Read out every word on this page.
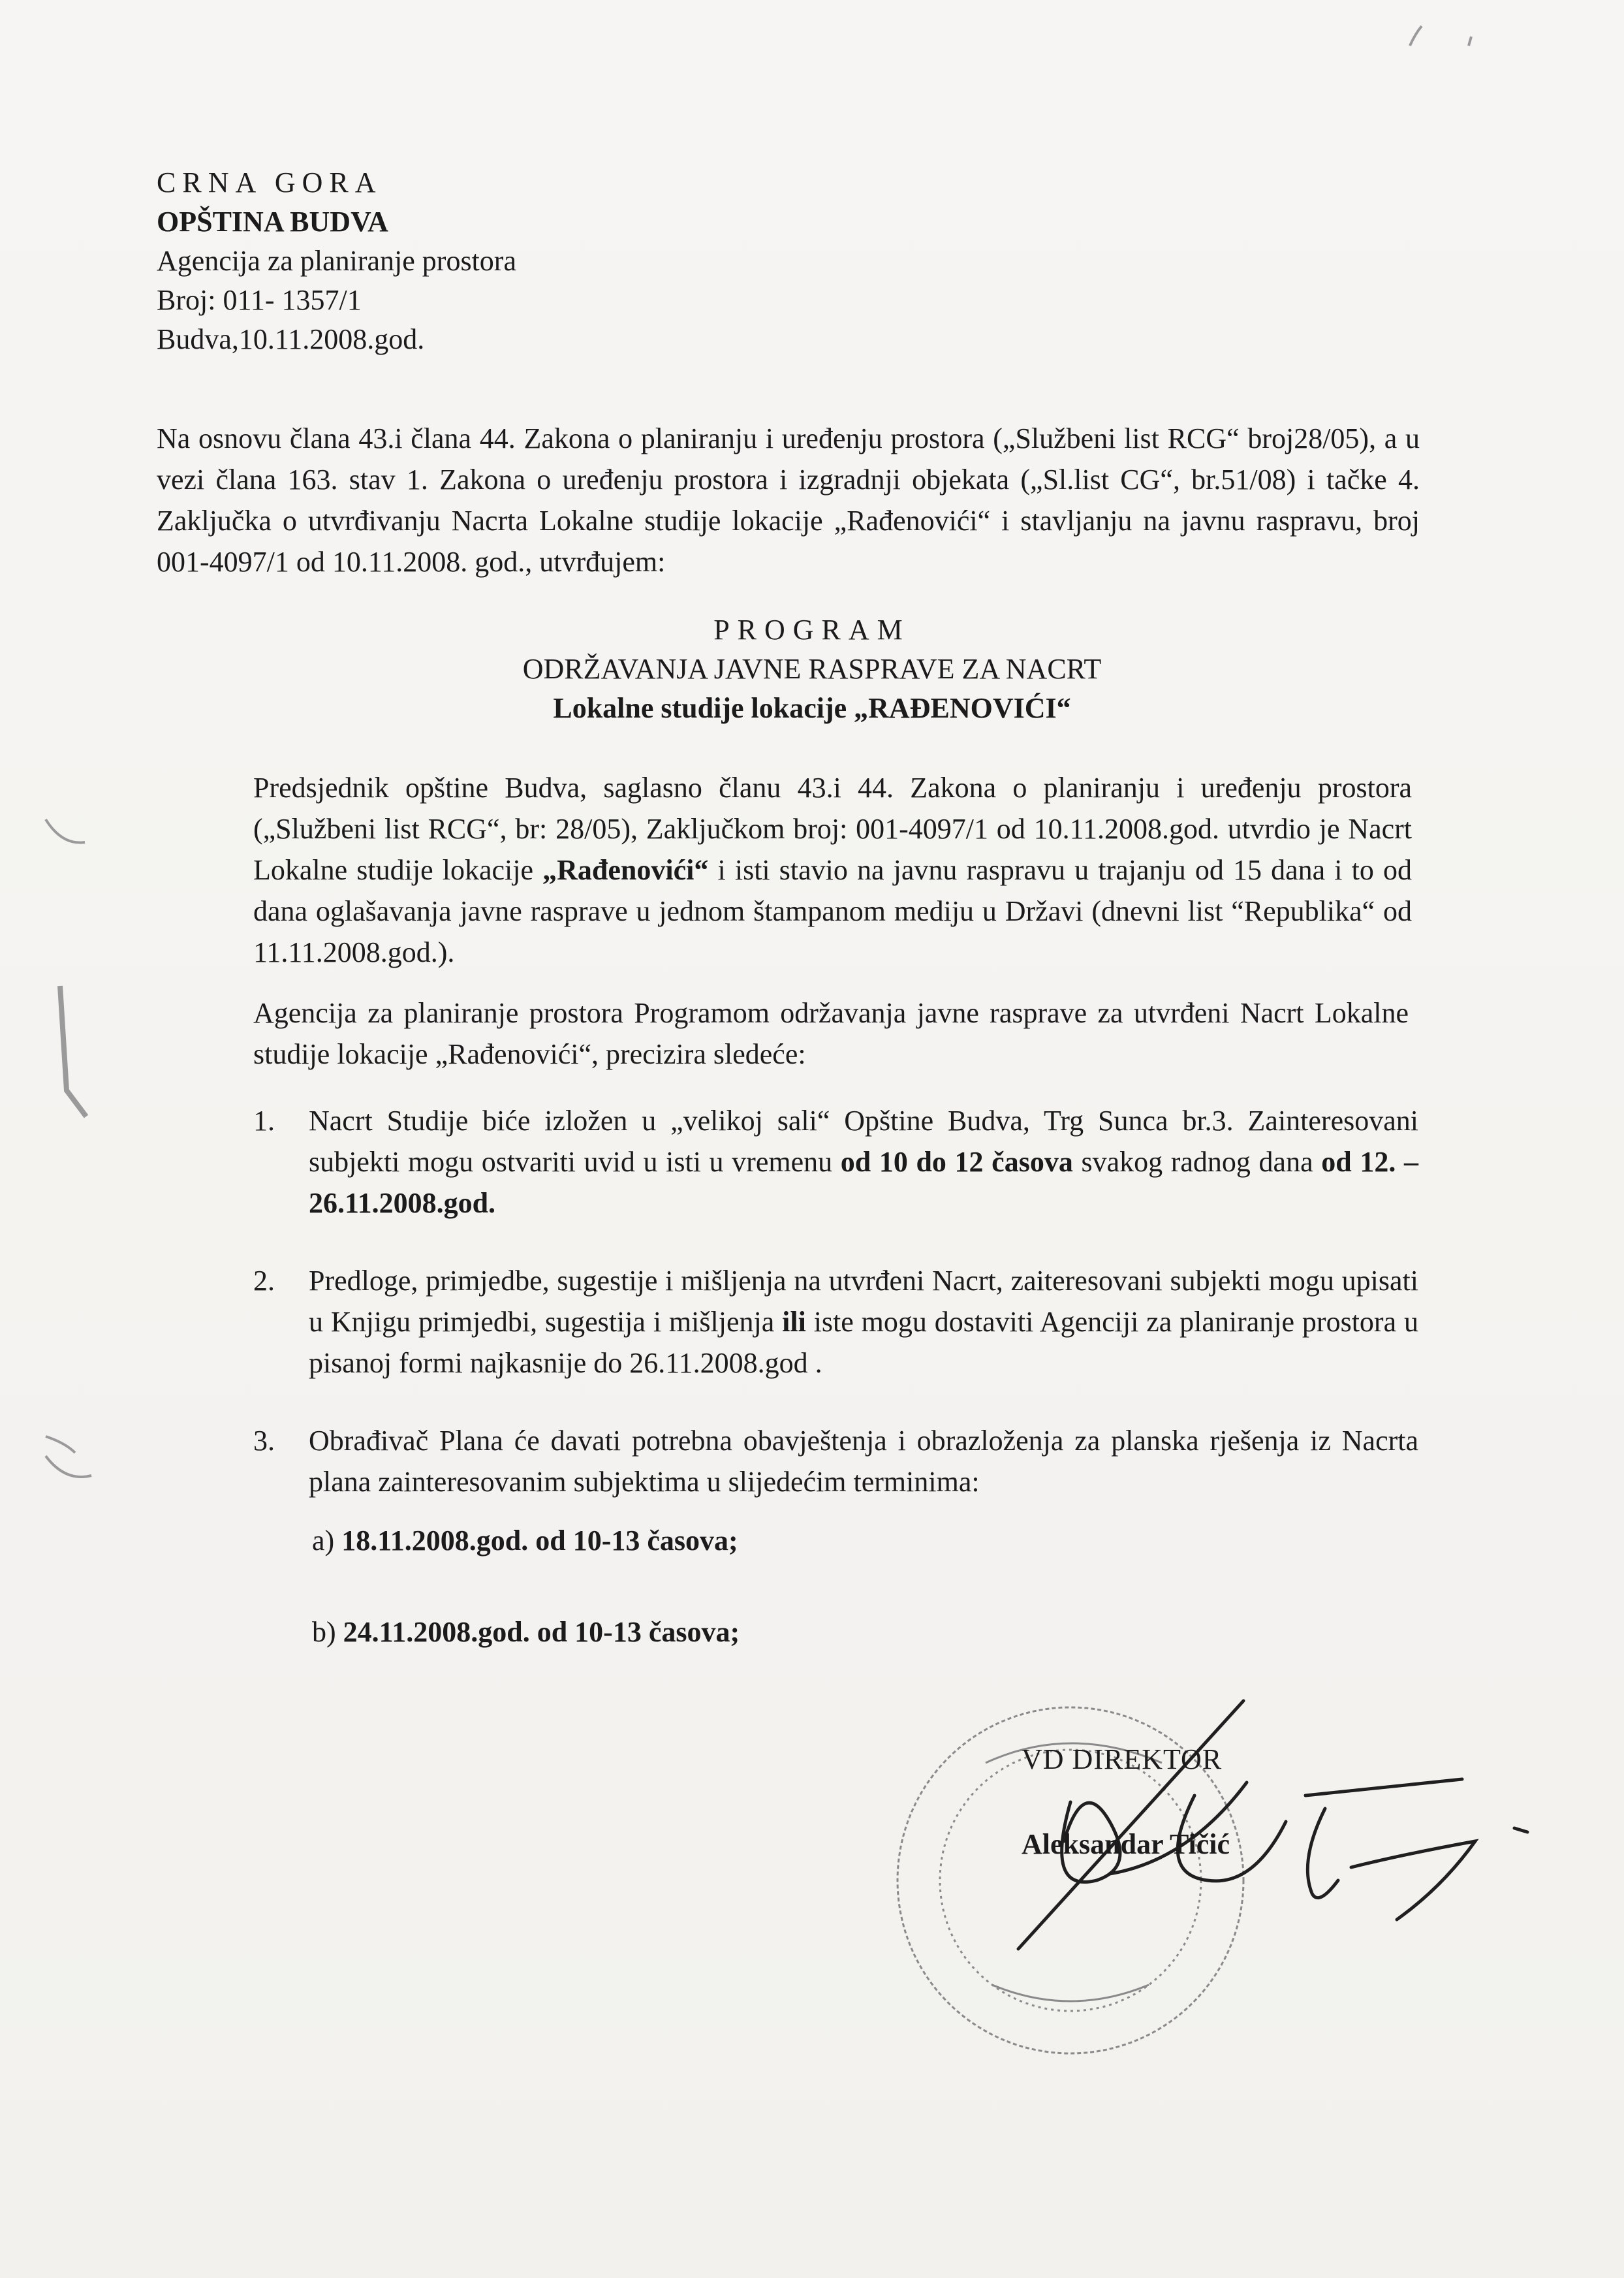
CRNA GORA
OPŠTINA BUDVA
Agencija za planiranje prostora
Broj: 011- 1357/1
Budva,10.11.2008.god.
Na osnovu člana 43.i člana 44. Zakona o planiranju i uređenju prostora („Službeni list RCG“ broj28/05), a u vezi člana 163. stav 1. Zakona o uređenju prostora i izgradnji objekata („Sl.list CG“, br.51/08) i tačke 4. Zaključka o utvrđivanju Nacrta Lokalne studije lokacije „Rađenovići“ i stavljanju na javnu raspravu, broj 001-4097/1 od 10.11.2008. god., utvrđujem:
PROGRAM
ODRŽAVANJA JAVNE RASPRAVE ZA NACRT
Lokalne studije lokacije „RAĐENOVIĆI“
Predsjednik opštine Budva, saglasno članu 43.i 44. Zakona o planiranju i uređenju prostora („Službeni list RCG“, br: 28/05), Zaključkom broj: 001-4097/1 od 10.11.2008.god. utvrdio je Nacrt Lokalne studije lokacije „Rađenovići“ i isti stavio na javnu raspravu u trajanju od 15 dana i to od dana oglašavanja javne rasprave u jednom štampanom mediju u Državi (dnevni list “Republika“ od 11.11.2008.god.).
Agencija za planiranje prostora Programom održavanja javne rasprave za utvrđeni Nacrt Lokalne studije lokacije „Rađenovići“, precizira sledeće:
1.	Nacrt Studije biće izložen u „velikoj sali“ Opštine Budva, Trg Sunca br.3. Zainteresovani subjekti mogu ostvariti uvid u isti u vremenu od 10 do 12 časova svakog radnog dana od 12. – 26.11.2008.god.
2.	Predloge, primjedbe, sugestije i mišljenja na utvrđeni Nacrt, zaiteresovani subjekti mogu upisati u Knjigu primjedbi, sugestija i mišljenja ili iste mogu dostaviti Agenciji za planiranje prostora u pisanoj formi najkasnije do 26.11.2008.god .
3.	Obrađivač Plana će davati potrebna obavještenja i obrazloženja za planska rješenja iz Nacrta plana zainteresovanim subjektima u slijedećim terminima:
a) 18.11.2008.god. od 10-13 časova;
b) 24.11.2008.god. od 10-13 časova;
VD DIREKTOR
Aleksandar Tičić
